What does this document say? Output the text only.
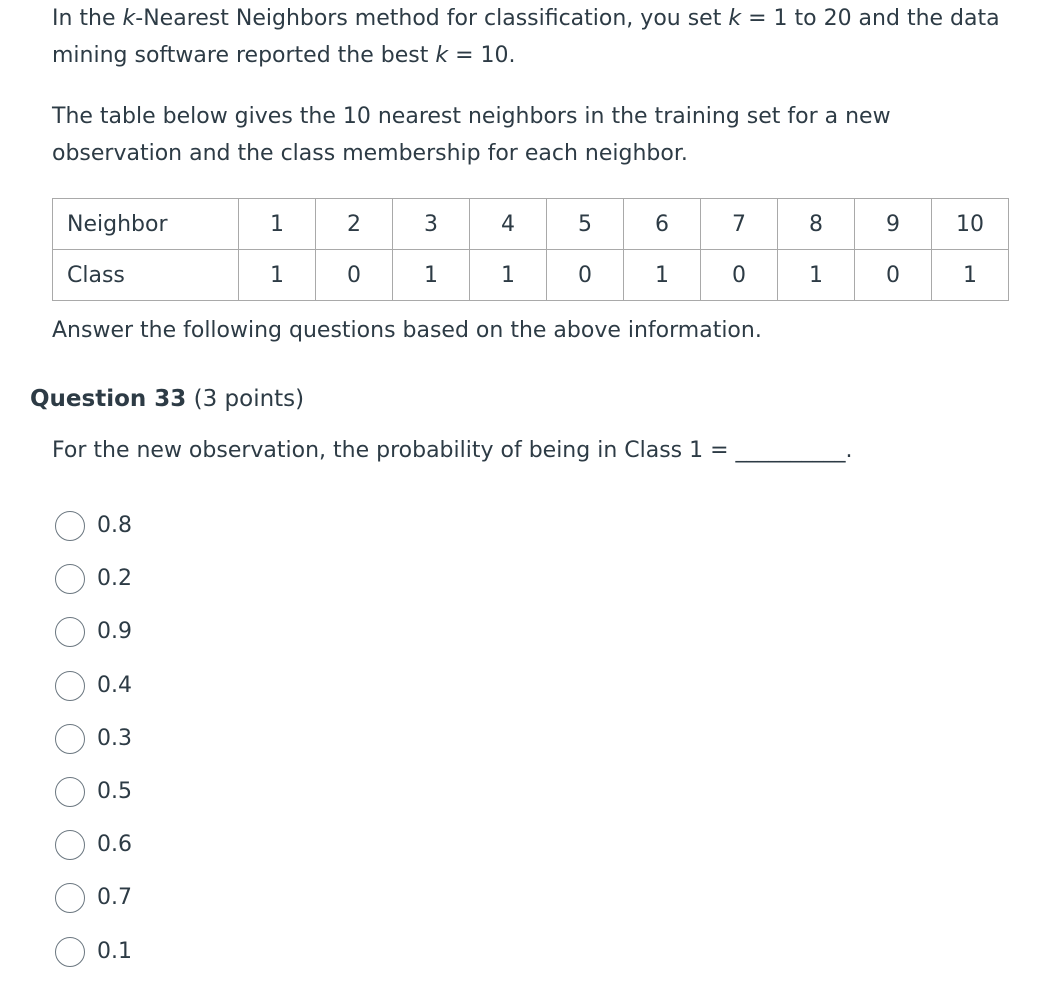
In the k-Nearest Neighbors method for classification, you set k = 1 to 20 and the data mining software reported the best k = 10.

The table below gives the 10 nearest neighbors in the training set for a new observation and the class membership for each neighbor.

Neighbor	1	2	3	4	5	6	7	8	9	10
Class	1	0	1	1	0	1	0	1	0	1
Answer the following questions based on the above information.
Question 33 (3 points)
For the new observation, the probability of being in Class 1 = __________.
0.8
0.2
0.9
0.4
0.3
0.5
0.6
0.7
0.1
